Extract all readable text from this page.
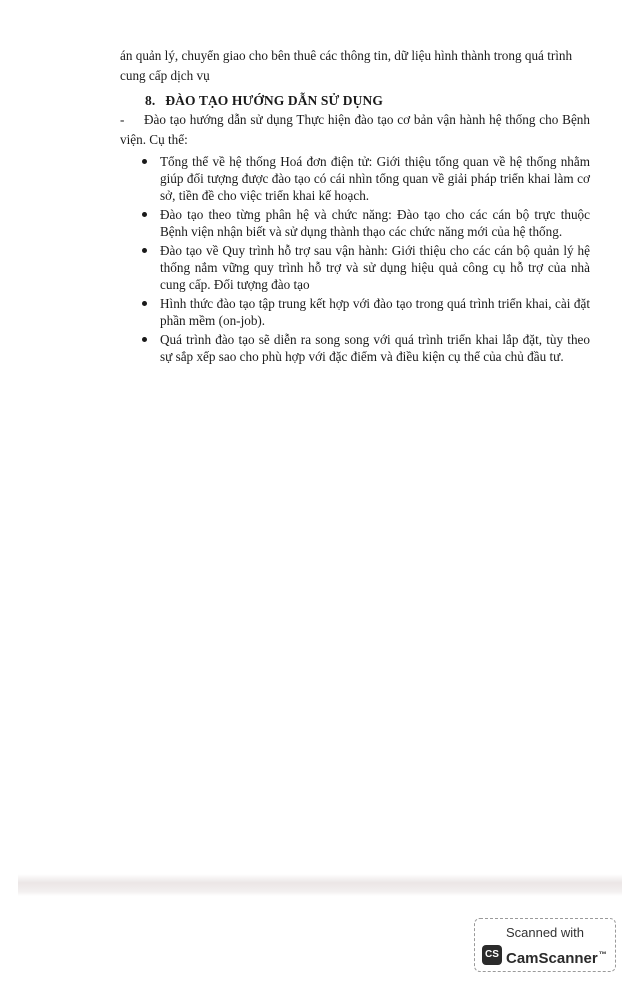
án quản lý, chuyển giao cho bên thuê các thông tin, dữ liệu hình thành trong quá trình cung cấp dịch vụ
8. ĐÀO TẠO HƯỚNG DẪN SỬ DỤNG
- Đào tạo hướng dẫn sử dụng Thực hiện đào tạo cơ bản vận hành hệ thống cho Bệnh viện. Cụ thể:
Tổng thể về hệ thống Hoá đơn điện tử: Giới thiệu tổng quan về hệ thống nhằm giúp đối tượng được đào tạo có cái nhìn tổng quan về giải pháp triển khai làm cơ sở, tiền đề cho việc triển khai kế hoạch.
Đào tạo theo từng phân hệ và chức năng: Đào tạo cho các cán bộ trực thuộc Bệnh viện nhận biết và sử dụng thành thạo các chức năng mới của hệ thống.
Đào tạo về Quy trình hỗ trợ sau vận hành: Giới thiệu cho các cán bộ quản lý hệ thống nắm vững quy trình hỗ trợ và sử dụng hiệu quả công cụ hỗ trợ của nhà cung cấp. Đối tượng đào tạo
Hình thức đào tạo tập trung kết hợp với đào tạo trong quá trình triển khai, cài đặt phần mềm (on-job).
Quá trình đào tạo sẽ diễn ra song song với quá trình triển khai lắp đặt, tùy theo sự sắp xếp sao cho phù hợp với đặc điểm và điều kiện cụ thể của chủ đầu tư.
Scanned with
CS CamScanner™
